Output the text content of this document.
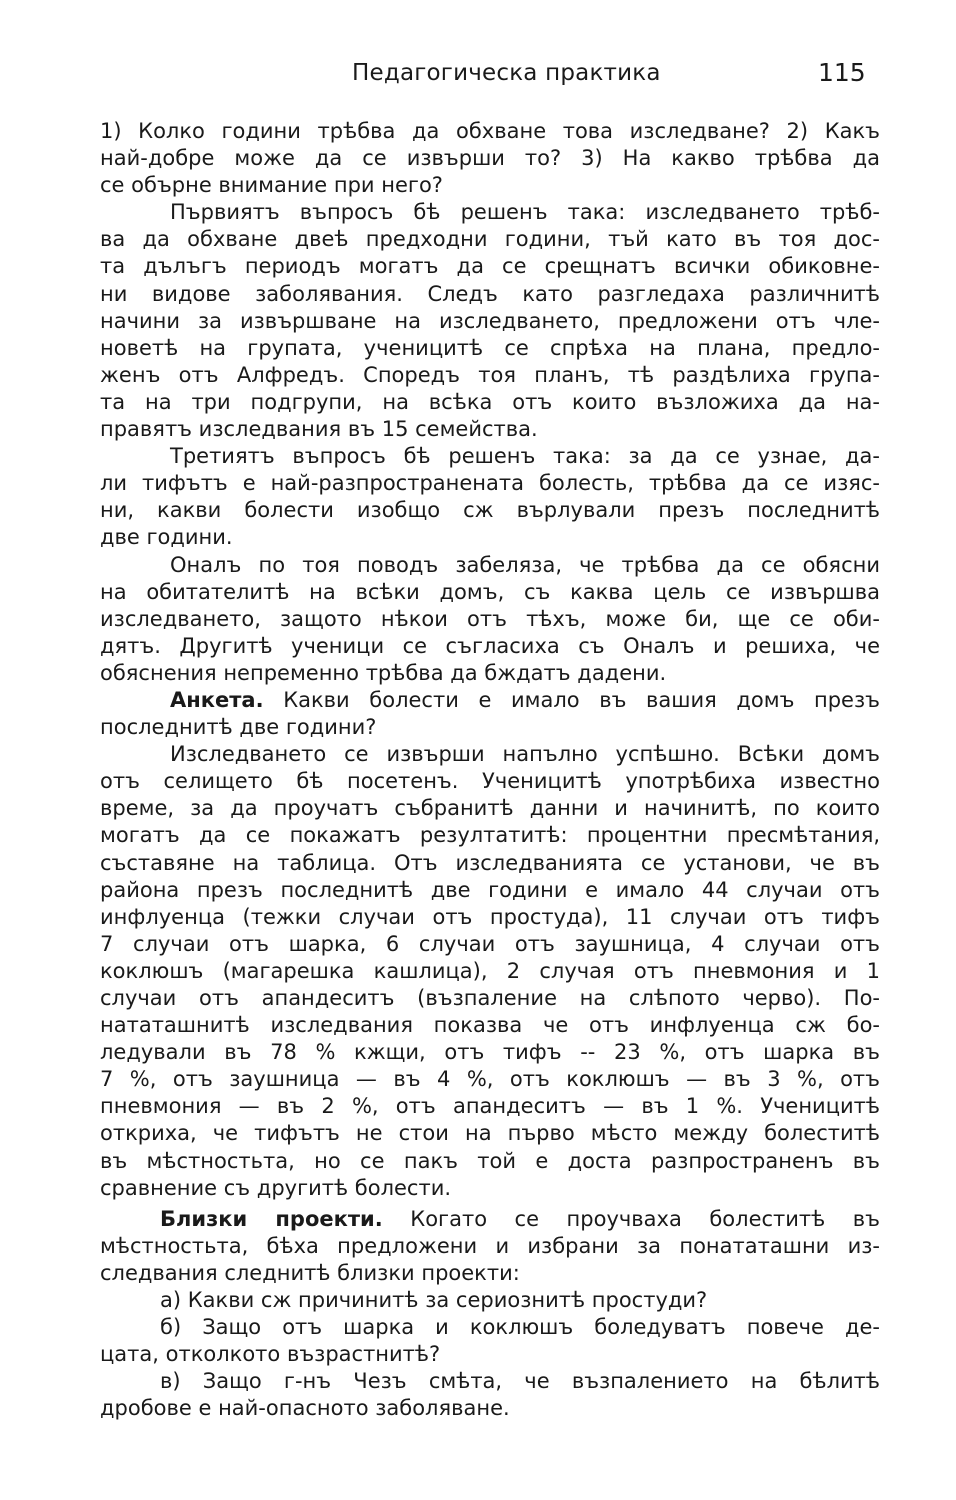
Педагогическа практика	115
1) Колко години трѣбва да обхване това изследване? 2) Какъ
най-добре може да се извърши то? 3) На какво трѣбва да
се обърне внимание при него?
Първиятъ въпросъ бѣ решенъ така: изследването трѣб-
ва да обхване двеѣ предходни години, тъй като въ тоя дос-
та дълъгъ периодъ могатъ да се срещнатъ всички обиковне-
ни видове заболявания. Следъ като разгледаха различнитѣ
начини за извършване на изследването, предложени отъ чле-
новетѣ на групата, ученицитѣ се спрѣха на плана, предло-
женъ отъ Алфредъ. Споредъ тоя планъ, тѣ раздѣлиха група-
та на три подгрупи, на всѣка отъ които възложиха да на-
правятъ изследвания въ 15 семейства.
Третиятъ въпросъ бѣ решенъ така: за да се узнае, да-
ли тифътъ е най-разпространената болесть, трѣбва да се изяс-
ни, какви болести изобщо сж върлували презъ последнитѣ
две години.
Оналъ по тоя поводъ забеляза, че трѣбва да се обясни
на обитателитѣ на всѣки домъ, съ каква цель се извършва
изследването, защото нѣкои отъ тѣхъ, може би, ще се оби-
дятъ. Другитѣ ученици се съгласиха съ Оналъ и решиха, че
обяснения непременно трѣбва да бждатъ дадени.
Анкета. Какви болести е имало въ вашия домъ презъ
последнитѣ две години?
Изследването се извърши напълно успѣшно. Всѣки домъ
отъ селището бѣ посетенъ. Ученицитѣ употрѣбиха известно
време, за да проучатъ събранитѣ данни и начинитѣ, по които
могатъ да се покажатъ резултатитѣ: процентни пресмѣтания,
съставяне на таблица. Отъ изследванията се установи, че въ
района презъ последнитѣ две години е имало 44 случаи отъ
инфлуенца (тежки случаи отъ простуда), 11 случаи отъ тифъ
7 случаи отъ шарка, 6 случаи отъ заушница, 4 случаи отъ
коклюшъ (магарешка кашлица), 2 случая отъ пневмония и 1
случаи отъ апандеситъ (възпаление на слѣпото черво). По-
нататашнитѣ изследвания показва че отъ инфлуенца сж бо-
ледували въ 78 % кжщи, отъ тифъ -- 23 %, отъ шарка въ
7 %, отъ заушница — въ 4 %, отъ коклюшъ — въ 3 %, отъ
пневмония — въ 2 %, отъ апандеситъ — въ 1 %. Ученицитѣ
откриха, че тифътъ не стои на първо мѣсто между болеститѣ
въ мѣстностьта, но се пакъ той е доста разпространенъ въ
сравнение съ другитѣ болести.
Близки проекти. Когато се проучваха болеститѣ въ
мѣстностьта, бѣха предложени и избрани за понататашни из-
следвания следнитѣ близки проекти:
а) Какви сж причинитѣ за сериознитѣ простуди?
б) Защо отъ шарка и коклюшъ боледуватъ повече де-
цата, отколкото възрастнитѣ?
в) Защо г-нъ Чезъ смѣта, че възпалението на бѣлитѣ
дробове е най-опасното заболяване.
